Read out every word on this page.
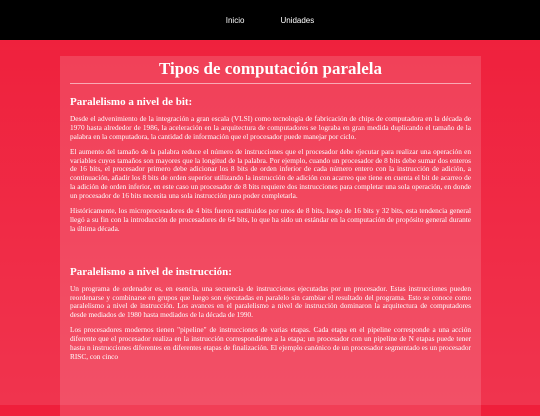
Inicio	Unidades
Tipos de computación paralela
Paralelismo a nivel de bit:

Desde el advenimiento de la integración a gran escala (VLSI) como tecnología de fabricación de chips de computadora en la década de 1970 hasta alrededor de 1986, la aceleración en la arquitectura de computadores se lograba en gran medida duplicando el tamaño de la palabra en la computadora, la cantidad de información que el procesador puede manejar por ciclo.

El aumento del tamaño de la palabra reduce el número de instrucciones que el procesador debe ejecutar para realizar una operación en variables cuyos tamaños son mayores que la longitud de la palabra. Por ejemplo, cuando un procesador de 8 bits debe sumar dos enteros de 16 bits, el procesador primero debe adicionar los 8 bits de orden inferior de cada número entero con la instrucción de adición, a continuación, añadir los 8 bits de orden superior utilizando la instrucción de adición con acarreo que tiene en cuenta el bit de acarreo de la adición de orden inferior, en este caso un procesador de 8 bits requiere dos instrucciones para completar una sola operación, en donde un procesador de 16 bits necesita una sola instrucción para poder completarla.

Históricamente, los microprocesadores de 4 bits fueron sustituidos por unos de 8 bits, luego de 16 bits y 32 bits, esta tendencia general llegó a su fin con la introducción de procesadores de 64 bits, lo que ha sido un estándar en la computación de propósito general durante la última década.

Paralelismo a nivel de instrucción:

Un programa de ordenador es, en esencia, una secuencia de instrucciones ejecutadas por un procesador. Estas instrucciones pueden reordenarse y combinarse en grupos que luego son ejecutadas en paralelo sin cambiar el resultado del programa. Esto se conoce como paralelismo a nivel de instrucción. Los avances en el paralelismo a nivel de instrucción dominaron la arquitectura de computadores desde mediados de 1980 hasta mediados de la década de 1990.

Los procesadores modernos tienen "pipeline" de instrucciones de varias etapas. Cada etapa en el pipeline corresponde a una acción diferente que el procesador realiza en la instrucción correspondiente a la etapa; un procesador con un pipeline de N etapas puede tener hasta n instrucciones diferentes en diferentes etapas de finalización. El ejemplo canónico de un procesador segmentado es un procesador RISC, con cinco
